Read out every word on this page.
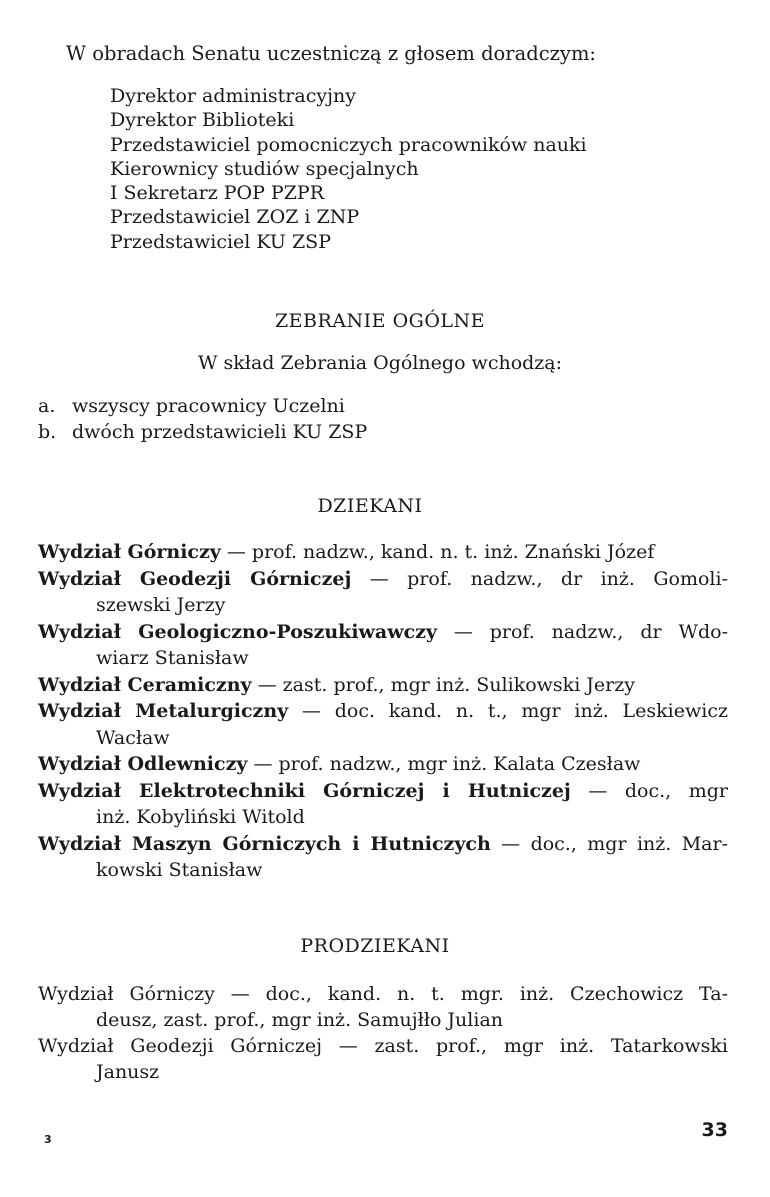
W obradach Senatu uczestniczą z głosem doradczym:
Dyrektor administracyjny
Dyrektor Biblioteki
Przedstawiciel pomocniczych pracowników nauki
Kierownicy studiów specjalnych
I Sekretarz POP PZPR
Przedstawiciel ZOZ i ZNP
Przedstawiciel KU ZSP
ZEBRANIE OGÓLNE
W skład Zebrania Ogólnego wchodzą:
a. wszyscy pracownicy Uczelni
b. dwóch przedstawicieli KU ZSP
DZIEKANI
Wydział Górniczy — prof. nadzw., kand. n. t. inż. Znański Józef
Wydział Geodezji Górniczej — prof. nadzw., dr inż. Gomoli-
szewski Jerzy
Wydział Geologiczno-Poszukiwawczy — prof. nadzw., dr Wdo-
wiarz Stanisław
Wydział Ceramiczny — zast. prof., mgr inż. Sulikowski Jerzy
Wydział Metalurgiczny — doc. kand. n. t., mgr inż. Leskiewicz
Wacław
Wydział Odlewniczy — prof. nadzw., mgr inż. Kalata Czesław
Wydział Elektrotechniki Górniczej i Hutniczej — doc., mgr
inż. Kobyliński Witold
Wydział Maszyn Górniczych i Hutniczych — doc., mgr inż. Mar-
kowski Stanisław
PRODZIEKANI
Wydział Górniczy — doc., kand. n. t. mgr. inż. Czechowicz Ta-
deusz, zast. prof., mgr inż. Samujłło Julian
Wydział Geodezji Górniczej — zast. prof., mgr inż. Tatarkowski
Janusz
3	33
